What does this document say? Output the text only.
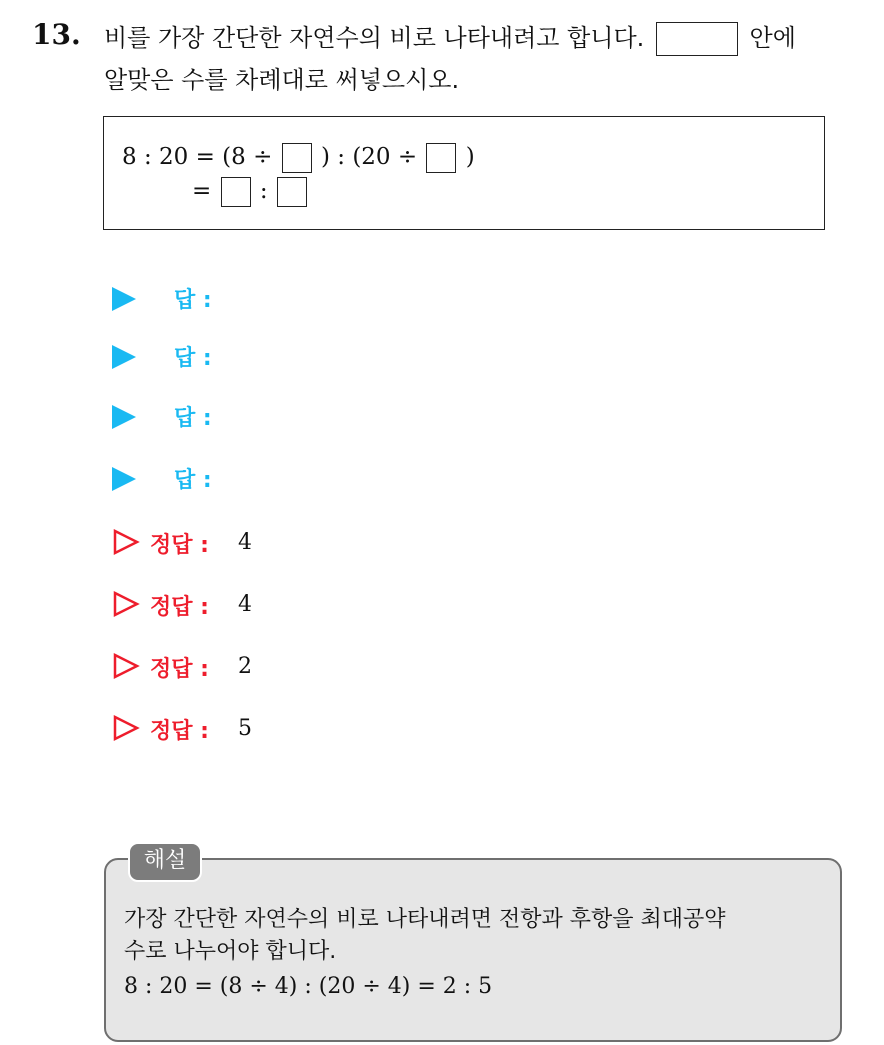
13. 비를 가장 간단한 자연수의 비로 나타내려고 합니다.	안에
알맞은 수를 차례대로 써넣으시오.
8 : 20 = (8 ÷ ) : (20 ÷ )
= :
답 :
답 :
답 :
답 :
정답 : 4
정답 : 4
정답 : 2
정답 : 5
해설
가장 간단한 자연수의 비로 나타내려면 전항과 후항을 최대공약
수로 나누어야 합니다.
8 : 20 = (8 ÷ 4) : (20 ÷ 4) = 2 : 5
